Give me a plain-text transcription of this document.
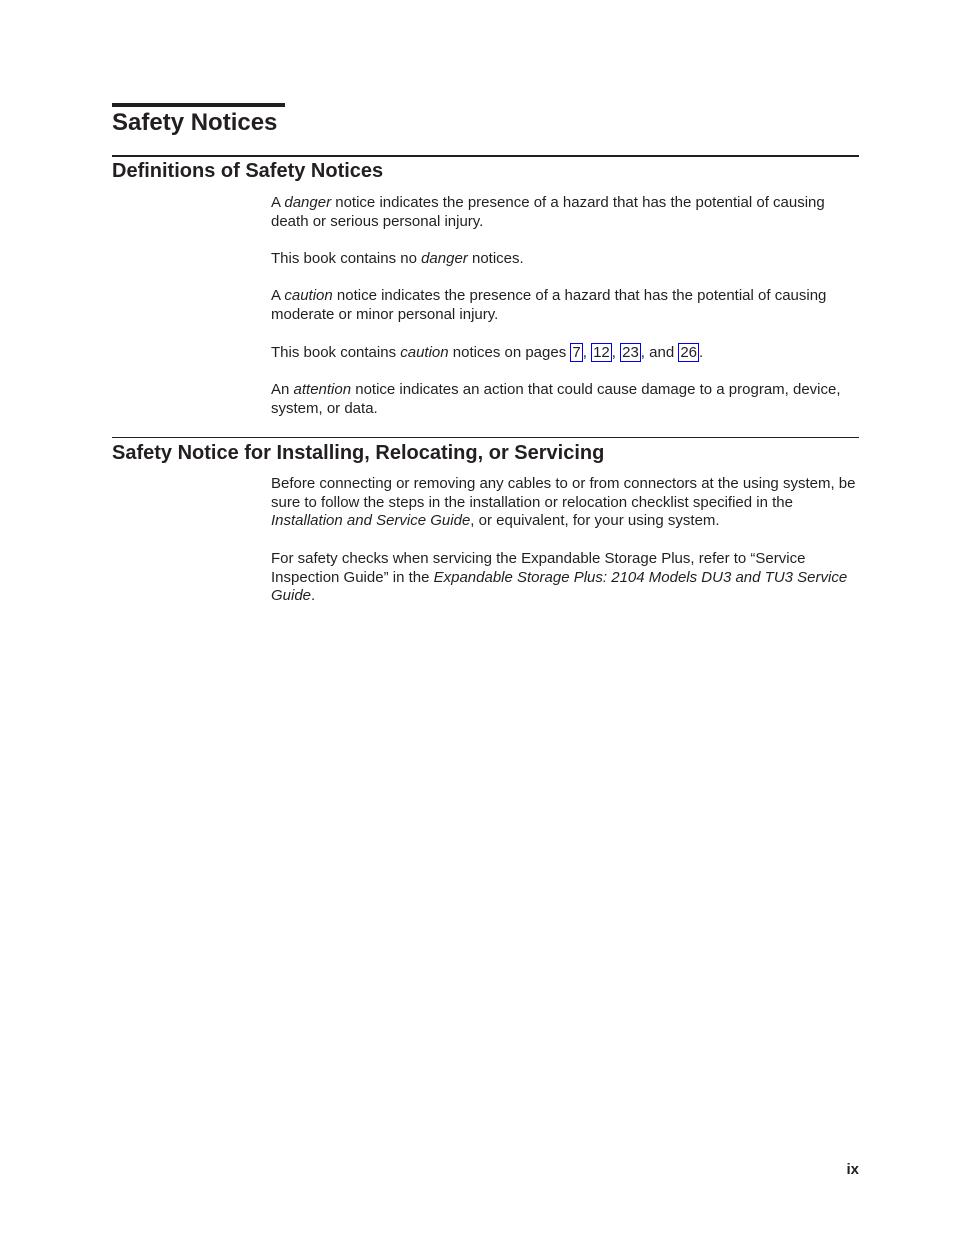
Safety Notices
Definitions of Safety Notices

A danger notice indicates the presence of a hazard that has the potential of causing death or serious personal injury.

This book contains no danger notices.

A caution notice indicates the presence of a hazard that has the potential of causing moderate or minor personal injury.

This book contains caution notices on pages 7 , 12 , 23 , and 26 .

An attention notice indicates an action that could cause damage to a program, device, system, or data.

Safety Notice for Installing, Relocating, or Servicing

Before connecting or removing any cables to or from connectors at the using system, be sure to follow the steps in the installation or relocation checklist specified in the Installation and Service Guide, or equivalent, for your using system.

For safety checks when servicing the Expandable Storage Plus, refer to “Service Inspection Guide” in the Expandable Storage Plus: 2104 Models DU3 and TU3 Service Guide.

ix
